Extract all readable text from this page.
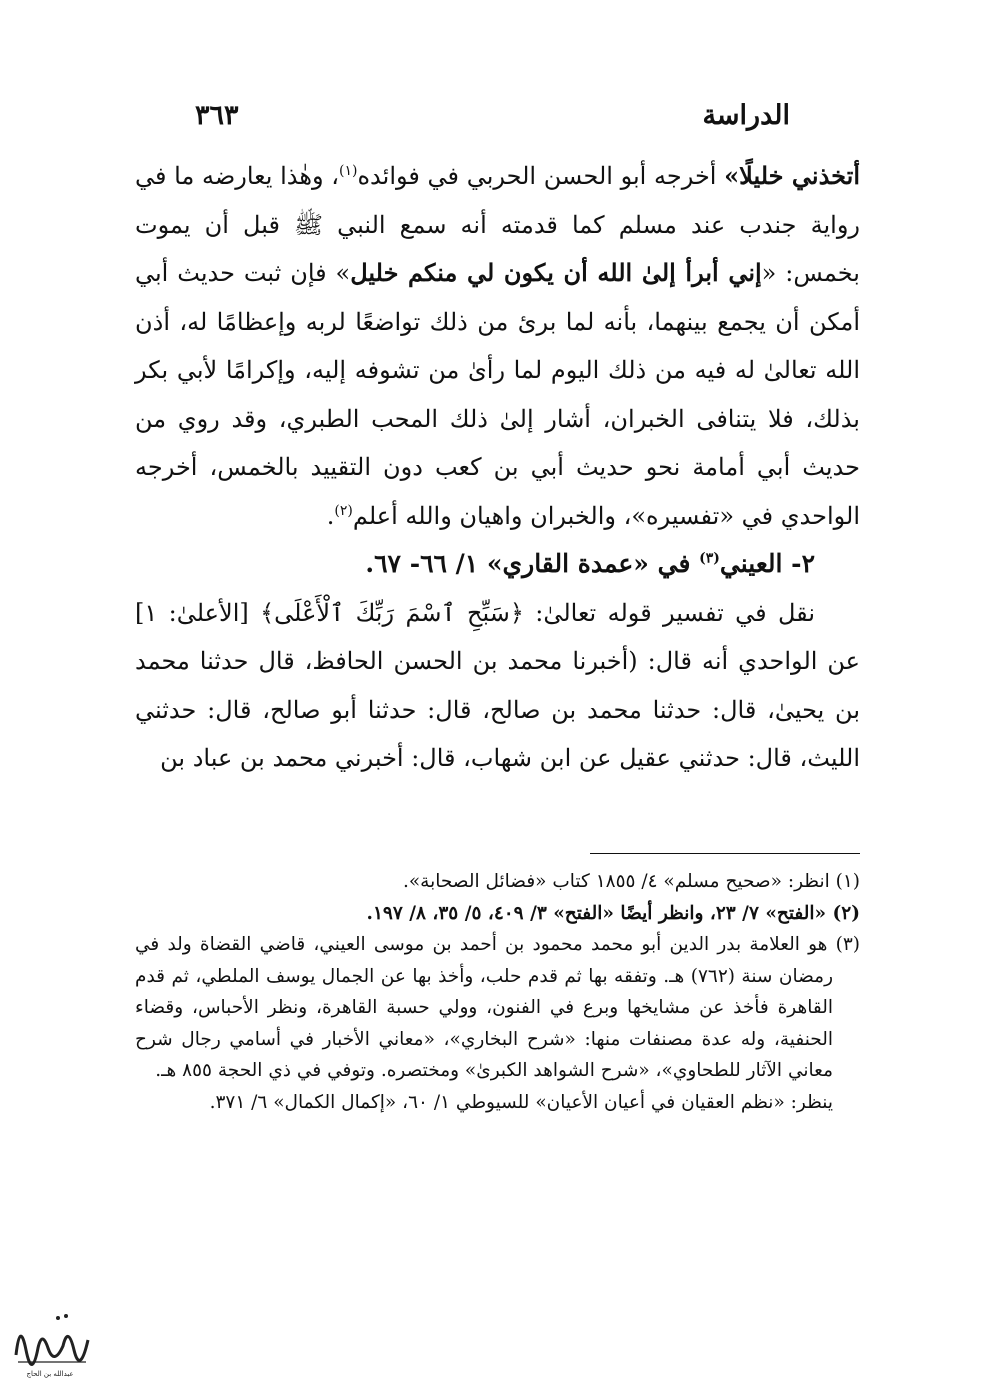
الدراسة
٣٦٣

أتخذني خليلًا» أخرجه أبو الحسن الحربي في فوائده$^{(١)}$، وهٰذا يعارضه ما في رواية جندب عند مسلم كما قدمته أنه سمع النبي ﷺ قبل أن يموت بخمس: «إني أبرأ إلىٰ الله أن يكون لي منكم خليل» فإن ثبت حديث أبي أمكن أن يجمع بينهما، بأنه لما برئ من ذلك تواضعًا لربه وإعظامًا له، أذن الله تعالىٰ له فيه من ذلك اليوم لما رأىٰ من تشوفه إليه، وإكرامًا لأبي بكر بذلك، فلا يتنافى الخبران، أشار إلىٰ ذلك المحب الطبري، وقد روي من حديث أبي أمامة نحو حديث أبي بن كعب دون التقييد بالخمس، أخرجه الواحدي في «تفسيره»، والخبران واهيان والله أعلم$^{(٢)}$.

٢- العيني$^{(٣)}$ في «عمدة القاري» ١/ ٦٦- ٦٧.

نقل في تفسير قوله تعالىٰ: ﴿سَبِّحِ ٱسْمَ رَبِّكَ ٱلْأَعْلَى﴾ [الأعلىٰ: ١] عن الواحدي أنه قال: (أخبرنا محمد بن الحسن الحافظ، قال حدثنا محمد بن يحيىٰ، قال: حدثنا محمد بن صالح، قال: حدثنا أبو صالح، قال: حدثني الليث، قال: حدثني عقيل عن ابن شهاب، قال: أخبرني محمد بن عباد بن

(١) انظر: «صحيح مسلم» ٤/ ١٨٥٥ كتاب «فضائل الصحابة».

(٢) «الفتح» ٧/ ٢٣، وانظر أيضًا «الفتح» ٣/ ٤٠٩، ٥/ ٣٥، ٨/ ١٩٧.

(٣) هو العلامة بدر الدين أبو محمد محمود بن أحمد بن موسى العيني، قاضي القضاة ولد في رمضان سنة (٧٦٢) هـ. وتفقه بها ثم قدم حلب، وأخذ بها عن الجمال يوسف الملطي، ثم قدم القاهرة فأخذ عن مشايخها وبرع في الفنون، وولي حسبة القاهرة، ونظر الأحباس، وقضاء الحنفية، وله عدة مصنفات منها: «شرح البخاري»، «معاني الأخبار في أسامي رجال شرح معاني الآثار للطحاوي»، «شرح الشواهد الكبرىٰ» ومختصره. وتوفي في ذي الحجة ٨٥٥ هـ.

ينظر: «نظم العقيان في أعيان الأعيان» للسيوطي ١/ ٦٠، «إكمال الكمال» ٦/ ٣٧١.

عبدالله بن الحاج
